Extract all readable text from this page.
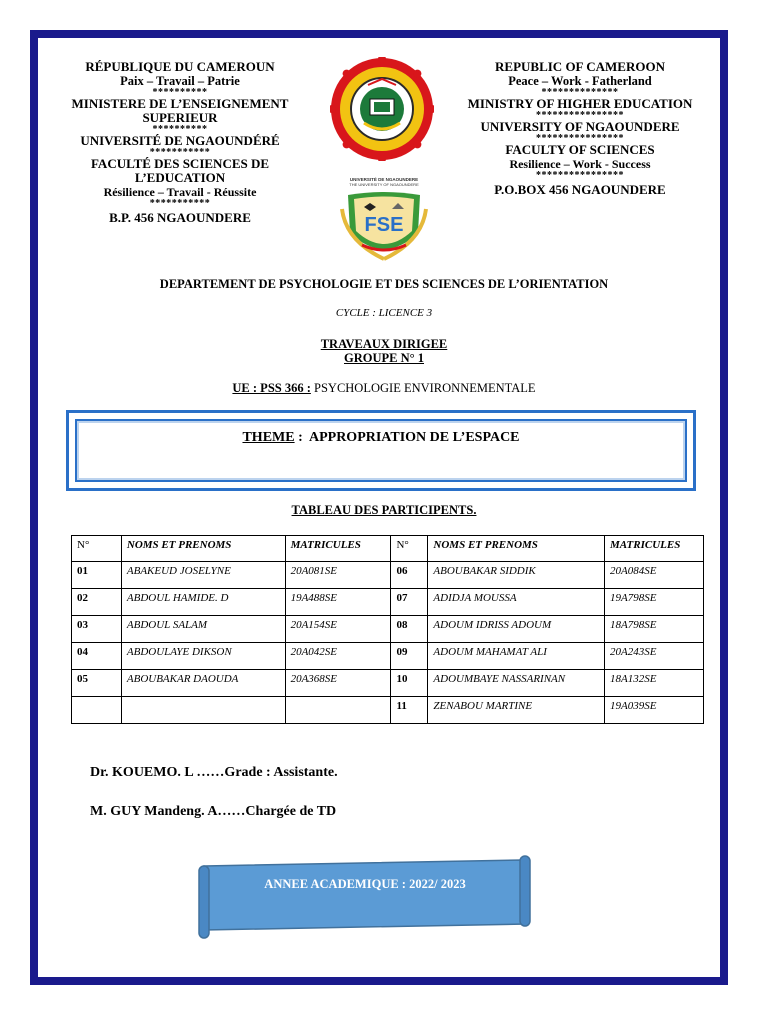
RÉPUBLIQUE DU CAMEROUN
Paix – Travail – Patrie
**********
MINISTERE DE L’ENSEIGNEMENT SUPERIEUR
**********
UNIVERSITÉ DE NGAOUNDÉRÉ
***********
FACULTÉ DES SCIENCES DE L’EDUCATION
Résilience – Travail - Réussite
***********
B.P. 456 NGAOUNDERE
UNIVERSITÉ DE NGAOUNDERE
THE UNIVERSITY OF NGAOUNDERE
FSE
REPUBLIC OF CAMEROON
Peace – Work - Fatherland
**************
MINISTRY OF HIGHER EDUCATION
****************
UNIVERSITY OF NGAOUNDERE
****************
FACULTY OF SCIENCES
Resilience – Work - Success
****************
P.O.BOX 456 NGAOUNDERE
DEPARTEMENT DE PSYCHOLOGIE ET DES SCIENCES DE L’ORIENTATION
CYCLE : LICENCE 3
TRAVEAUX DIRIGEE
GROUPE N° 1
UE : PSS 366 : PSYCHOLOGIE ENVIRONNEMENTALE
THEME :  APPROPRIATION DE L’ESPACE
TABLEAU DES PARTICIPENTS.
N°	NOMS ET PRENOMS	MATRICULES	N°	NOMS ET PRENOMS	MATRICULES
01	ABAKEUD JOSELYNE	20A081SE	06	ABOUBAKAR SIDDIK	20A084SE
02	ABDOUL HAMIDE. D	19A488SE	07	ADIDJA MOUSSA	19A798SE
03	ABDOUL SALAM	20A154SE	08	ADOUM IDRISS ADOUM	18A798SE
04	ABDOULAYE DIKSON	20A042SE	09	ADOUM MAHAMAT ALI	20A243SE
05	ABOUBAKAR DAOUDA	20A368SE	10	ADOUMBAYE NASSARINAN	18A132SE
			11	ZENABOU MARTINE	19A039SE
Dr. KOUEMO. L ……Grade : Assistante.
M. GUY Mandeng. A……Chargée de TD
ANNEE ACADEMIQUE : 2022/ 2023
